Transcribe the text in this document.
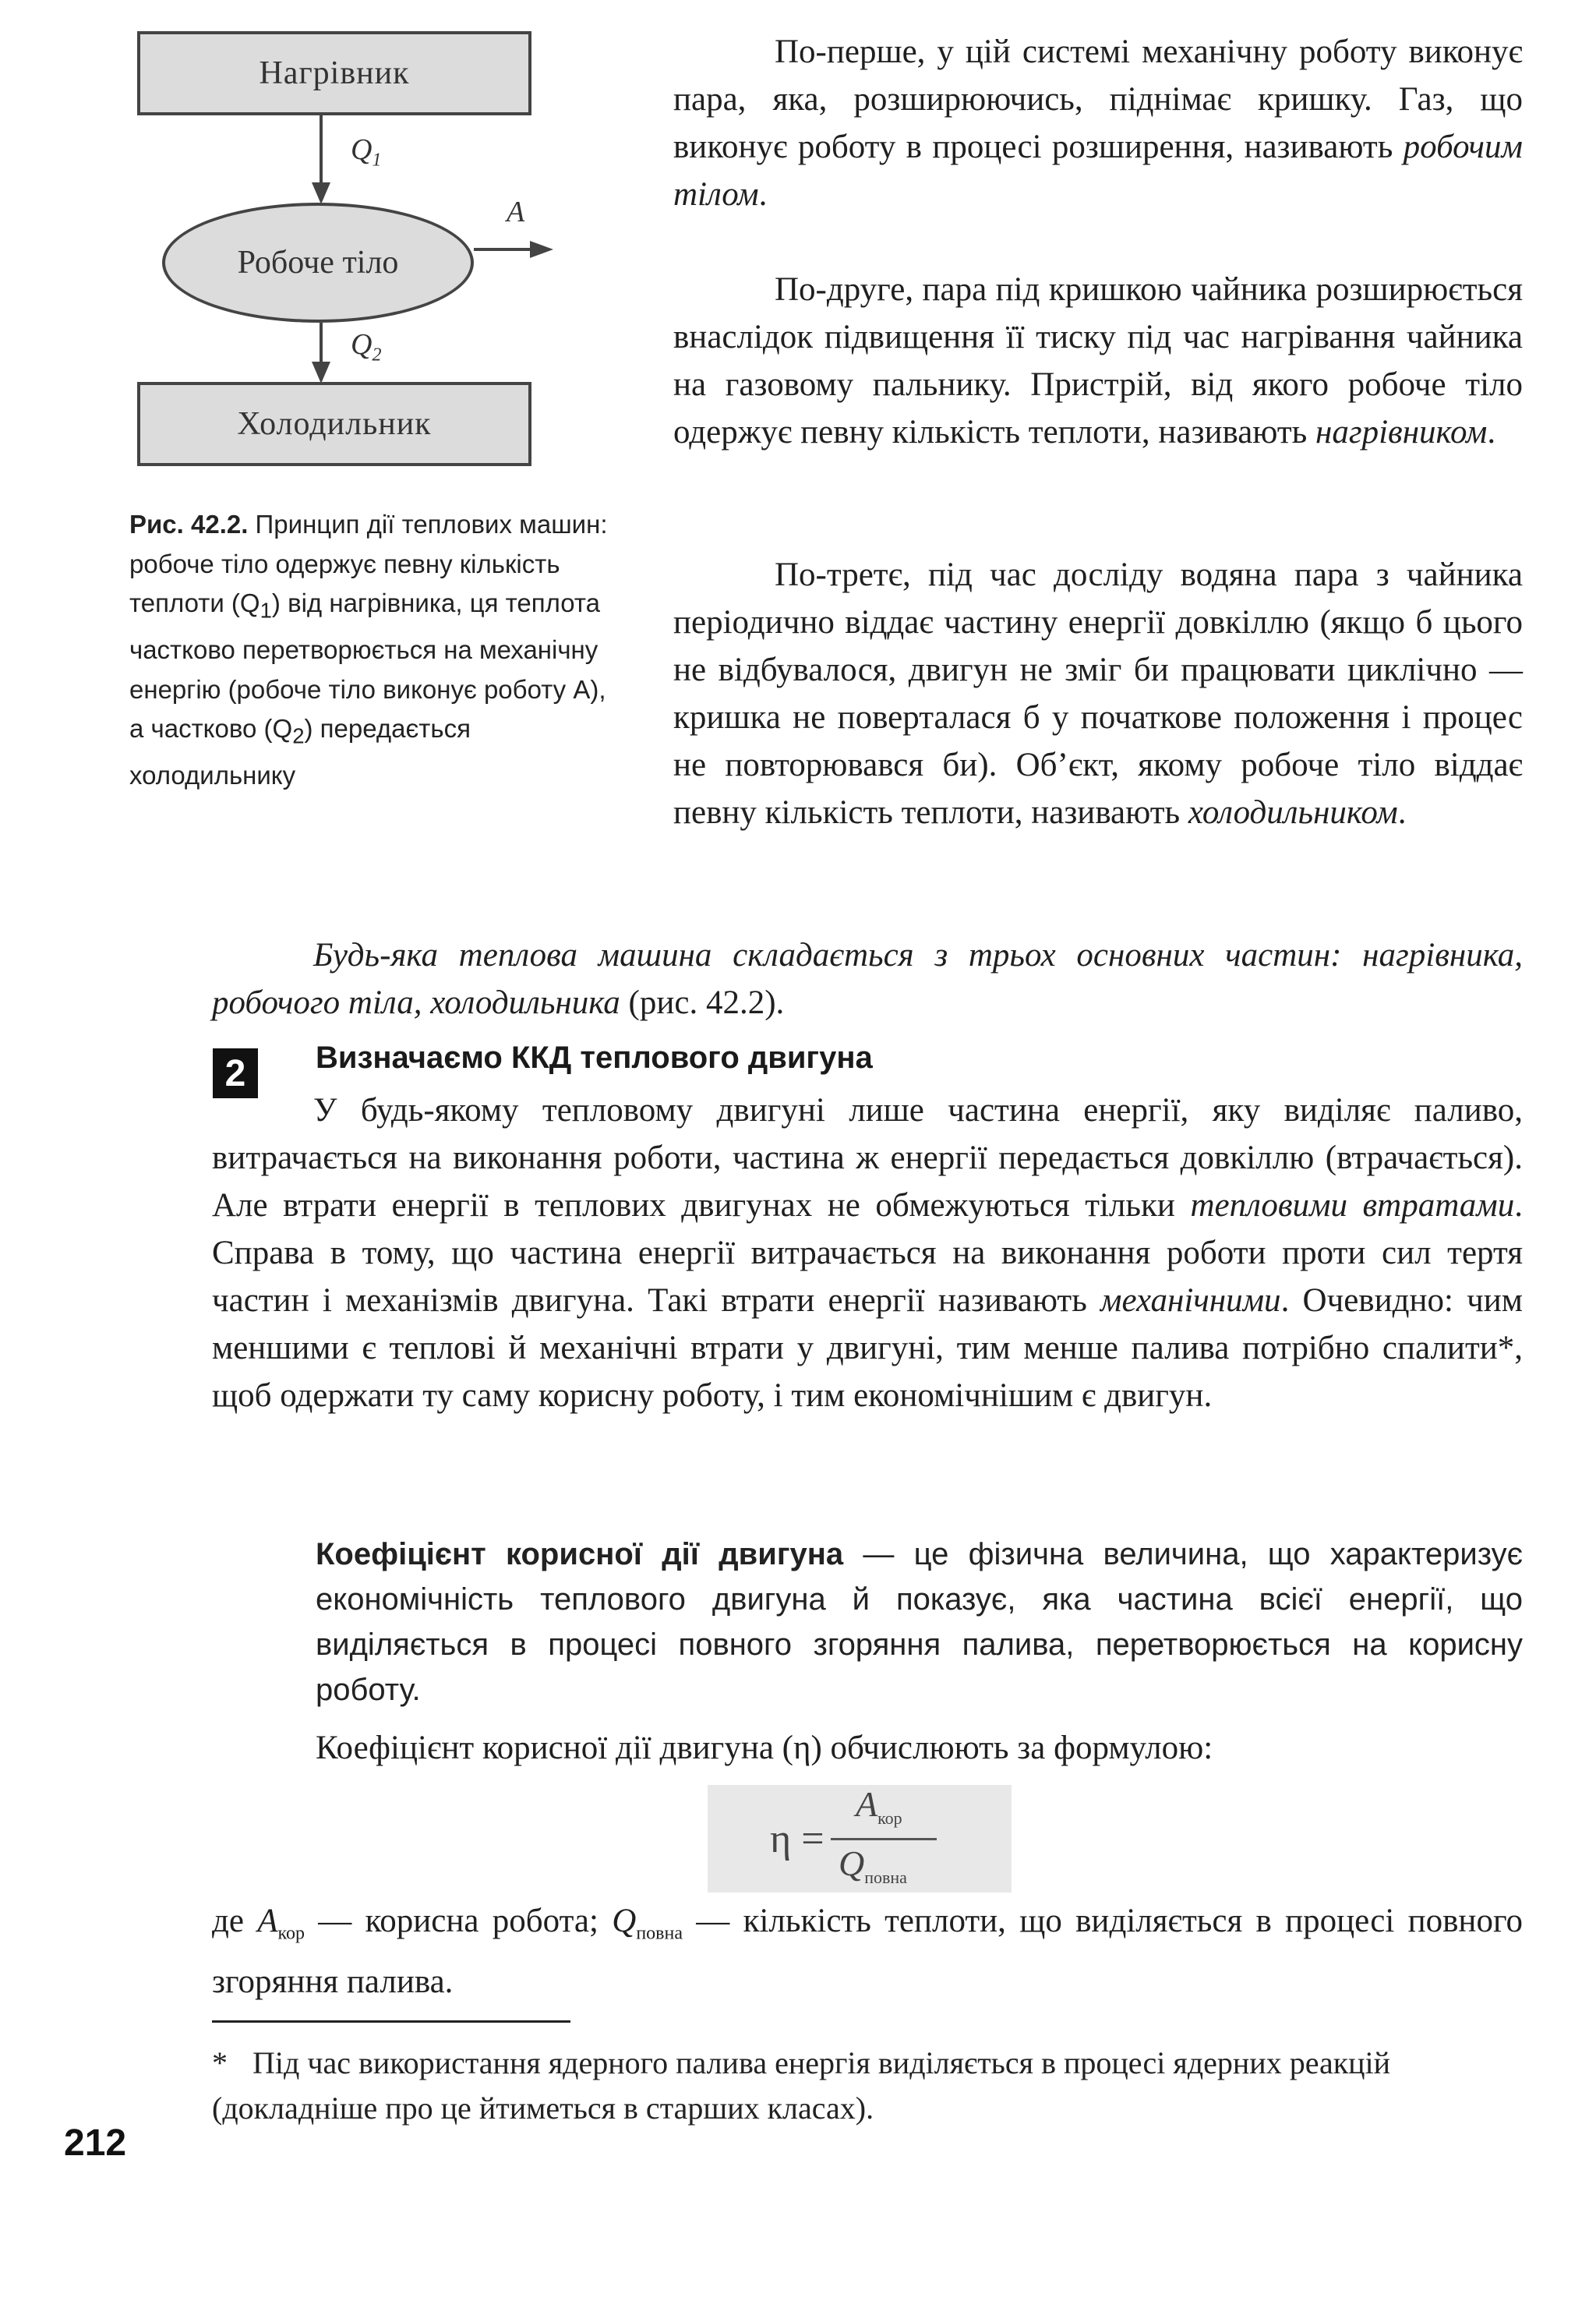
Нагрівник
Робоче тіло
Холодильник
$Q_1$
$Q_2$
A
Рис. 42.2. Принцип дії теплових машин: робоче тіло одержує певну кількість теплоти $(Q_1)$ від нагрівника, ця теплота частково перетворюється на механічну енергію (робоче тіло виконує роботу A), а частково $(Q_2)$ передається холодильнику
По-перше, у цій системі механічну роботу виконує пара, яка, розширюючись, піднімає кришку. Газ, що виконує роботу в процесі розширення, називають робочим тілом.
По-друге, пара під кришкою чайника розширюється внаслідок підвищення її тиску під час нагрівання чайника на газовому пальнику. Пристрій, від якого робоче тіло одержує певну кількість теплоти, називають нагрівником.
По-третє, під час досліду водяна пара з чайника періодично віддає частину енергії довкіллю (якщо б цього не відбувалося, двигун не зміг би працювати циклічно — кришка не поверталася б у початкове положення і процес не повторювався би). Об’єкт, якому робоче тіло віддає певну кількість теплоти, називають холодильником.
Будь-яка теплова машина складається з трьох основних частин: нагрівника, робочого тіла, холодильника (рис. 42.2).
2	Визначаємо ККД теплового двигуна
У будь-якому тепловому двигуні лише частина енергії, яку виділяє паливо, витрачається на виконання роботи, частина ж енергії передається довкіллю (втрачається). Але втрати енергії в теплових двигунах не обмежуються тільки тепловими втратами. Справа в тому, що частина енергії витрачається на виконання роботи проти сил тертя частин і механізмів двигуна. Такі втрати енергії називають механічними. Очевидно: чим меншими є теплові й механічні втрати у двигуні, тим менше палива потрібно спалити*, щоб одержати ту саму корисну роботу, і тим економічнішим є двигун.
Коефіцієнт корисної дії двигуна — це фізична величина, що характеризує економічність теплового двигуна й показує, яка частина всієї енергії, що виділяється в процесі повного згоряння палива, перетворюється на корисну роботу.
Коефіцієнт корисної дії двигуна (η) обчислюють за формулою:
η =
$A_{кор}$
$Q_{повна}$
де $A_{кор}$ — корисна робота; $Q_{повна}$ — кількість теплоти, що виділяється в процесі повного згоряння палива.
* Під час використання ядерного палива енергія виділяється в процесі ядерних реакцій (докладніше про це йтиметься в старших класах).
212
